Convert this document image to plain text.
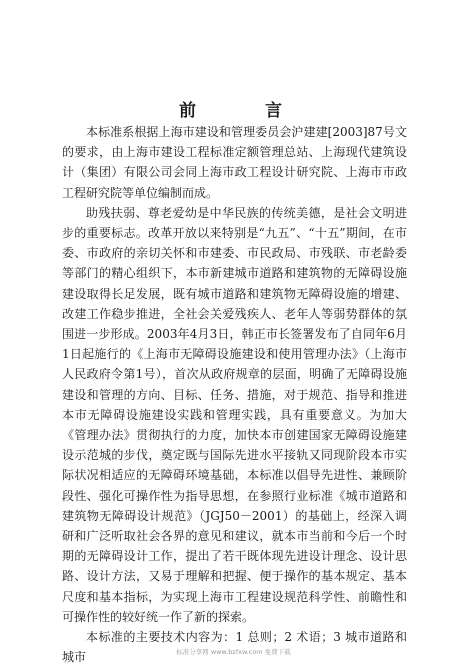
前　言

本标准系根据上海市建设和管理委员会沪建建[2003]87号文的要求，由上海市建设工程标准定额管理总站、上海现代建筑设计（集团）有限公司会同上海市政工程设计研究院、上海市市政工程研究院等单位编制而成。

助残扶弱、尊老爱幼是中华民族的传统美德，是社会文明进步的重要标志。改革开放以来特别是“九五”、“十五”期间，在市委、市政府的亲切关怀和市建委、市民政局、市残联、市老龄委等部门的精心组织下，本市新建城市道路和建筑物的无障碍设施建设取得长足发展，既有城市道路和建筑物无障碍设施的增建、改建工作稳步推进，全社会关爱残疾人、老年人等弱势群体的氛围进一步形成。2003年4月3日，韩正市长签署发布了自同年6月1日起施行的《上海市无障碍设施建设和使用管理办法》（上海市人民政府令第1号），首次从政府规章的层面，明确了无障碍设施建设和管理的方向、目标、任务、措施，对于规范、指导和推进本市无障碍设施建设实践和管理实践，具有重要意义。为加大《管理办法》贯彻执行的力度，加快本市创建国家无障碍设施建设示范城的步伐，奠定既与国际先进水平接轨又同现阶段本市实际状况相适应的无障碍环境基础，本标准以倡导先进性、兼顾阶段性、强化可操作性为指导思想，在参照行业标准《城市道路和建筑物无障碍设计规范》（JGJ50－2001）的基础上，经深入调研和广泛听取社会各界的意见和建议，就本市当前和今后一个时期的无障碍设计工作，提出了若干既体现先进设计理念、设计思路、设计方法，又易于理解和把握、便于操作的基本规定、基本尺度和基本指标，为实现上海市工程建设规范科学性、前瞻性和可操作性的较好统一作了新的探索。

本标准的主要技术内容为：1 总则；2 术语；3 城市道路和城市	标准分享网 www.bzfxw.com 免费下载
